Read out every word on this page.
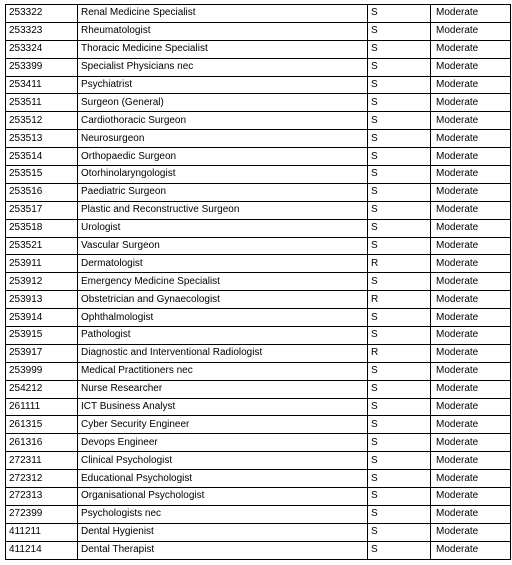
253322	Renal Medicine Specialist	S	Moderate
253323	Rheumatologist	S	Moderate
253324	Thoracic Medicine Specialist	S	Moderate
253399	Specialist Physicians nec	S	Moderate
253411	Psychiatrist	S	Moderate
253511	Surgeon (General)	S	Moderate
253512	Cardiothoracic Surgeon	S	Moderate
253513	Neurosurgeon	S	Moderate
253514	Orthopaedic Surgeon	S	Moderate
253515	Otorhinolaryngologist	S	Moderate
253516	Paediatric Surgeon	S	Moderate
253517	Plastic and Reconstructive Surgeon	S	Moderate
253518	Urologist	S	Moderate
253521	Vascular Surgeon	S	Moderate
253911	Dermatologist	R	Moderate
253912	Emergency Medicine Specialist	S	Moderate
253913	Obstetrician and Gynaecologist	R	Moderate
253914	Ophthalmologist	S	Moderate
253915	Pathologist	S	Moderate
253917	Diagnostic and Interventional Radiologist	R	Moderate
253999	Medical Practitioners nec	S	Moderate
254212	Nurse Researcher	S	Moderate
261111	ICT Business Analyst	S	Moderate
261315	Cyber Security Engineer	S	Moderate
261316	Devops Engineer	S	Moderate
272311	Clinical Psychologist	S	Moderate
272312	Educational Psychologist	S	Moderate
272313	Organisational Psychologist	S	Moderate
272399	Psychologists nec	S	Moderate
411211	Dental Hygienist	S	Moderate
411214	Dental Therapist	S	Moderate
